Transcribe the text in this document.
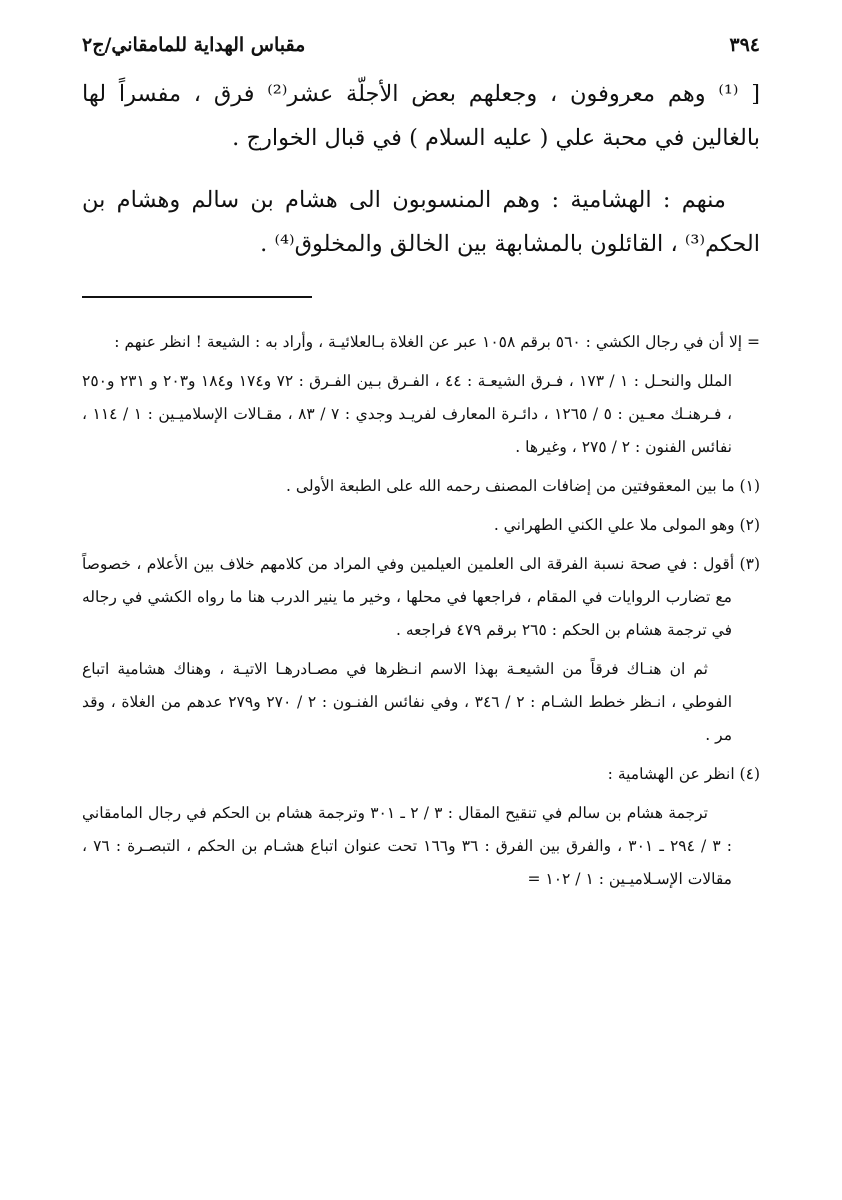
٣٩٤
مقباس الهداية للمامقاني/ج٢

[ ⁽¹⁾ وهم معروفون ، وجعلهم بعض الأجلّة عشر⁽²⁾ فرق ، مفسراً لها بالغالين في محبة علي ( عليه السلام ) في قبال الخوارج .

منهم : الهشامية : وهم المنسوبون الى هشام بن سالم وهشام بن الحكم⁽³⁾ ، القائلون بالمشابهة بين الخالق والمخلوق⁽⁴⁾ .

= إلا أن في رجال الكشي : ٥٦٠ برقم ١٠٥٨ عبر عن الغلاة بـالعلائيـة ، وأراد به : الشيعة ! انظر عنهم :

الملل والنحـل : ١ / ١٧٣ ، فـرق الشيعـة : ٤٤ ، الفـرق بـين الفـرق : ٧٢ و١٧٤ و١٨٤ و٢٠٣ و ٢٣١ و٢٥٠ ، فـرهنـك معـين : ٥ / ١٢٦٥ ، دائـرة المعارف لفريـد وجدي : ٧ / ٨٣ ، مقـالات الإسلاميـين : ١ / ١١٤ ، نفائس الفنون : ٢ / ٢٧٥ ، وغيرها .

(١) ما بين المعقوفتين من إضافات المصنف رحمه الله على الطبعة الأولى .

(٢) وهو المولى ملا علي الكني الطهراني .

(٣) أقول : في صحة نسبة الفرقة الى العلمين العيلمين وفي المراد من كلامهم خلاف بين الأعلام ، خصوصاً مع تضارب الروايات في المقام ، فراجعها في محلها ، وخير ما ينير الدرب هنا ما رواه الكشي في رجاله في ترجمة هشام بن الحكم : ٢٦٥ برقم ٤٧٩ فراجعه .

ثم ان هنـاك فرقاً من الشيعـة بهذا الاسم انـظرها في مصـادرهـا الاتيـة ، وهناك هشامية اتباع الفوطي ، انـظر خطط الشـام : ٢ / ٣٤٦ ، وفي نفائس الفنـون : ٢ / ٢٧٠ و٢٧٩ عدهم من الغلاة ، وقد مر .

(٤) انظر عن الهشامية :

ترجمة هشام بن سالم في تنقيح المقال : ٣ / ٢ ـ ٣٠١ وترجمة هشام بن الحكم في رجال المامقاني : ٣ / ٢٩٤ ـ ٣٠١ ، والفرق بين الفرق : ٣٦ و١٦٦ تحت عنوان اتباع هشـام بن الحكم ، التبصـرة : ٧٦ ، مقالات الإسـلاميـين : ١ / ١٠٢ =
